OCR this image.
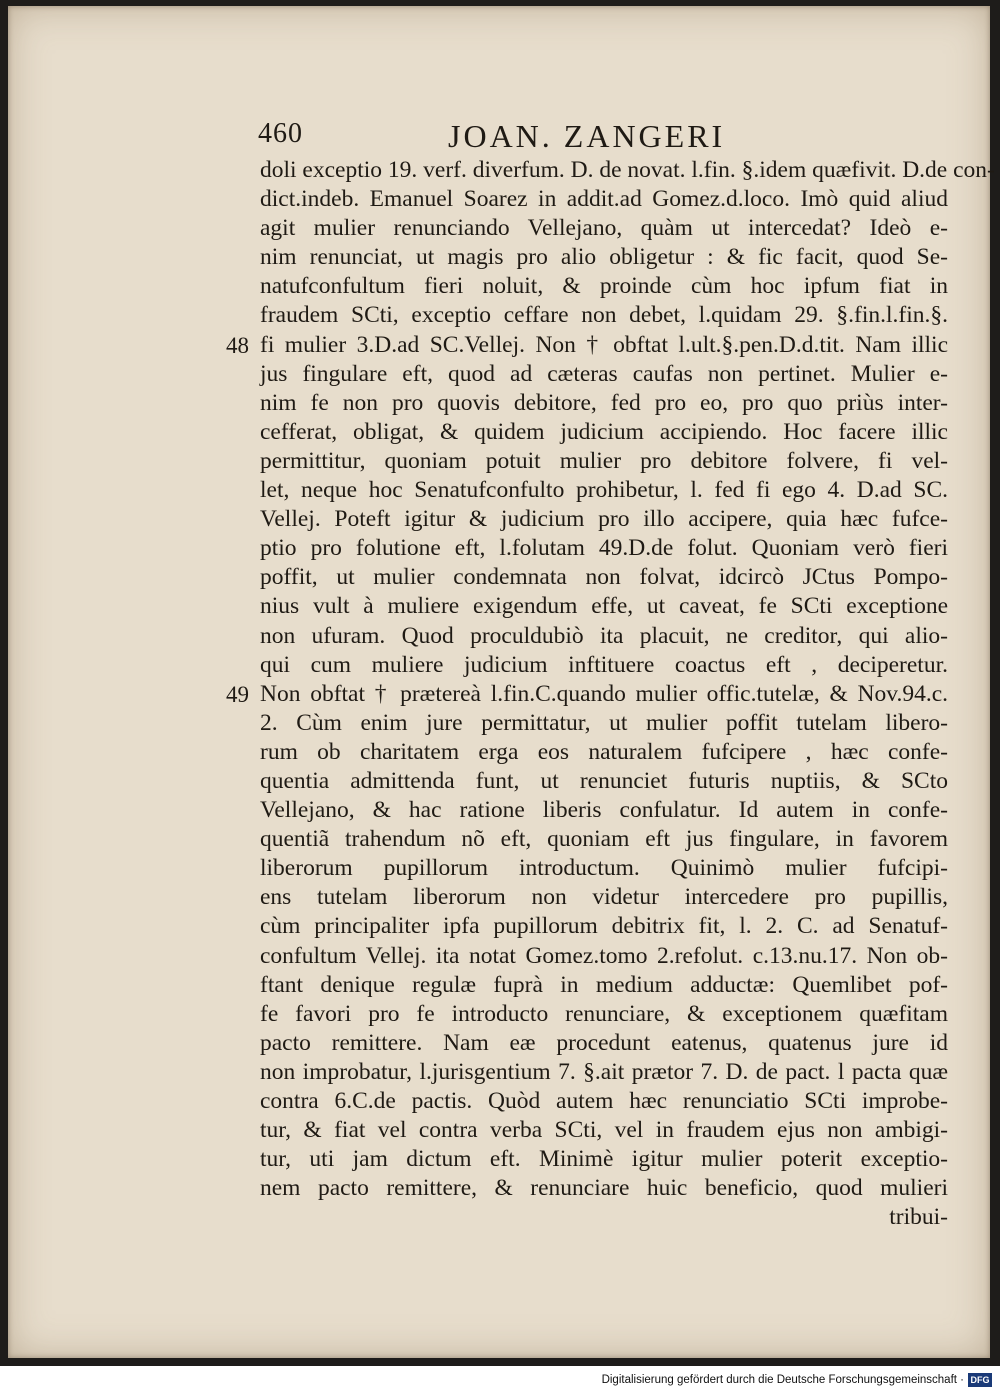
460	JOAN. ZANGERI
doli exceptio 19. verf. diverfum. D. de novat. l.fin. §.idem quæfivit. D.de con-
dict.indeb. Emanuel Soarez in addit.ad Gomez.d.loco. Imò quid aliud
agit mulier renunciando Vellejano, quàm ut intercedat? Ideò e-
nim renunciat, ut magis pro alio obligetur : & fic facit, quod Se-
natufconfultum fieri noluit, & proinde cùm hoc ipfum fiat in
fraudem SCti, exceptio ceffare non debet, l.quidam 29. §.fin.l.fin.§.
48 fi mulier 3.D.ad SC.Vellej. Non † obftat l.ult.§.pen.D.d.tit. Nam illic
jus fingulare eft, quod ad cæteras caufas non pertinet. Mulier e-
nim fe non pro quovis debitore, fed pro eo, pro quo priùs inter-
cefferat, obligat, & quidem judicium accipiendo. Hoc facere illic
permittitur, quoniam potuit mulier pro debitore folvere, fi vel-
let, neque hoc Senatufconfulto prohibetur, l. fed fi ego 4. D.ad SC.
Vellej. Poteft igitur & judicium pro illo accipere, quia hæc fufce-
ptio pro folutione eft, l.folutam 49.D.de folut. Quoniam verò fieri
poffit, ut mulier condemnata non folvat, idcircò JCtus Pompo-
nius vult à muliere exigendum effe, ut caveat, fe SCti exceptione
non ufuram. Quod proculdubiò ita placuit, ne creditor, qui alio-
qui cum muliere judicium inftituere coactus eft , deciperetur.
49 Non obftat † prætereà l.fin.C.quando mulier offic.tutelæ, & Nov.94.c.
2. Cùm enim jure permittatur, ut mulier poffit tutelam libero-
rum ob charitatem erga eos naturalem fufcipere , hæc confe-
quentia admittenda funt, ut renunciet futuris nuptiis, & SCto
Vellejano, & hac ratione liberis confulatur. Id autem in confe-
quentiã trahendum nõ eft, quoniam eft jus fingulare, in favorem
liberorum pupillorum introductum. Quinimò mulier fufcipi-
ens tutelam liberorum non videtur intercedere pro pupillis,
cùm principaliter ipfa pupillorum debitrix fit, l. 2. C. ad Senatuf-
confultum Vellej. ita notat Gomez.tomo 2.refolut. c.13.nu.17. Non ob-
ftant denique regulæ fuprà in medium adductæ: Quemlibet pof-
fe favori pro fe introducto renunciare, & exceptionem quæfitam
pacto remittere. Nam eæ procedunt eatenus, quatenus jure id
non improbatur, l.jurisgentium 7. §.ait prætor 7. D. de pact. l pacta quæ
contra 6.C.de pactis. Quòd autem hæc renunciatio SCti improbe-
tur, & fiat vel contra verba SCti, vel in fraudem ejus non ambigi-
tur, uti jam dictum eft. Minimè igitur mulier poterit exceptio-
nem pacto remittere, & renunciare huic beneficio, quod mulieri
tribui-
Digitalisierung gefördert durch die Deutsche Forschungsgemeinschaft · DFG
